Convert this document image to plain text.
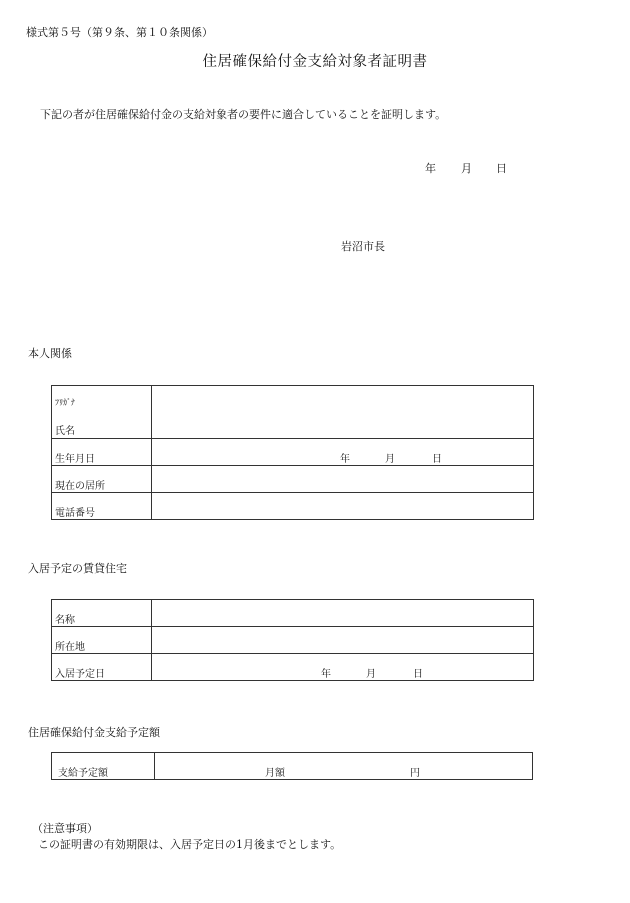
様式第５号（第９条、第１０条関係）
住居確保給付金支給対象者証明書
下記の者が住居確保給付金の支給対象者の要件に適合していることを証明します。
年 月 日
岩沼市長
本人関係
ﾌﾘｶﾞﾅ
氏名	

生年月日	年 月 日
現在の居所	
電話番号	
入居予定の賃貸住宅
名称	
所在地	
入居予定日	年 月 日
住居確保給付金支給予定額
支給予定額	月額	円
（注意事項）
この証明書の有効期限は、入居予定日の1月後までとします。
